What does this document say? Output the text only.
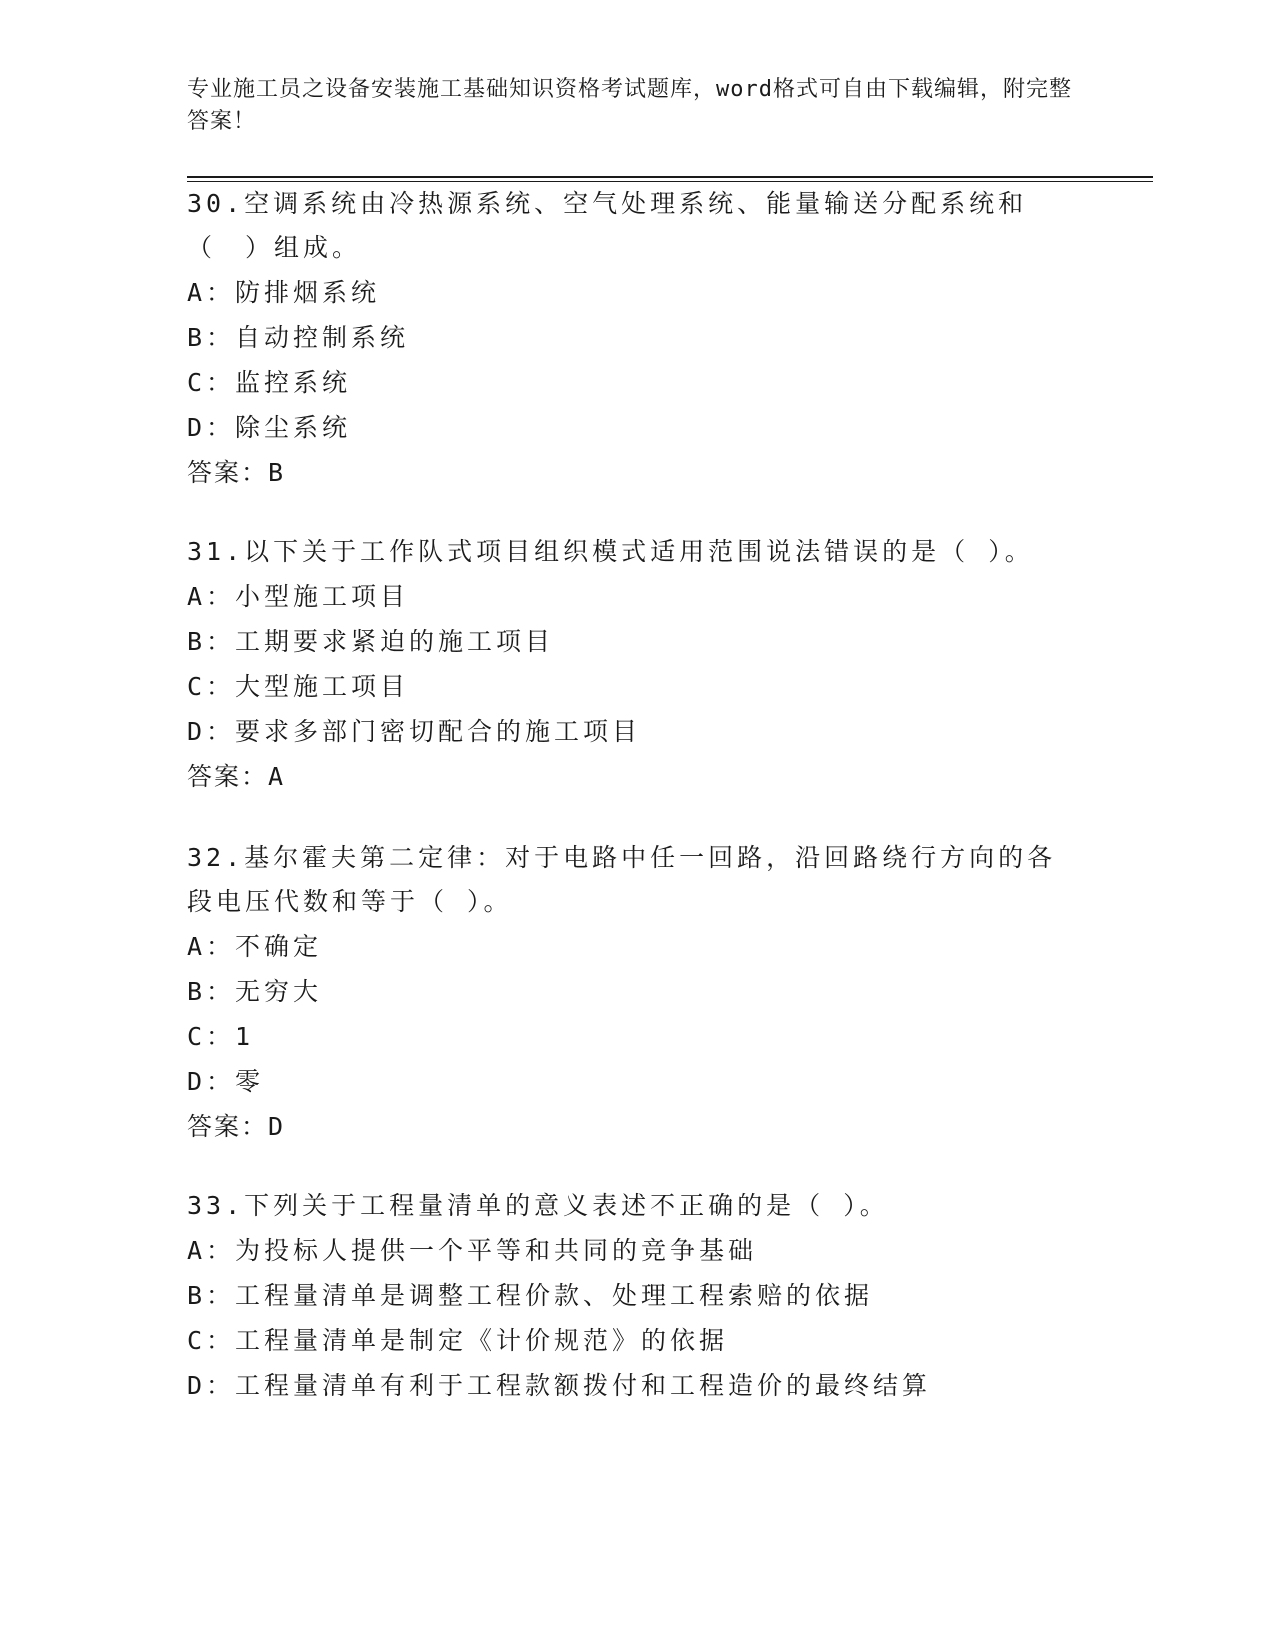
专业施工员之设备安装施工基础知识资格考试题库，word格式可自由下载编辑，附完整答案！
30.空调系统由冷热源系统、空气处理系统、能量输送分配系统和（　）组成。
A：防排烟系统
B：自动控制系统
C：监控系统
D：除尘系统
答案：B
31.以下关于工作队式项目组织模式适用范围说法错误的是（ ）。
A：小型施工项目
B：工期要求紧迫的施工项目
C：大型施工项目
D：要求多部门密切配合的施工项目
答案：A
32.基尔霍夫第二定律：对于电路中任一回路，沿回路绕行方向的各段电压代数和等于（ ）。
A：不确定
B：无穷大
C：1
D：零
答案：D
33.下列关于工程量清单的意义表述不正确的是（ ）。
A：为投标人提供一个平等和共同的竞争基础
B：工程量清单是调整工程价款、处理工程索赔的依据
C：工程量清单是制定《计价规范》的依据
D：工程量清单有利于工程款额拨付和工程造价的最终结算
